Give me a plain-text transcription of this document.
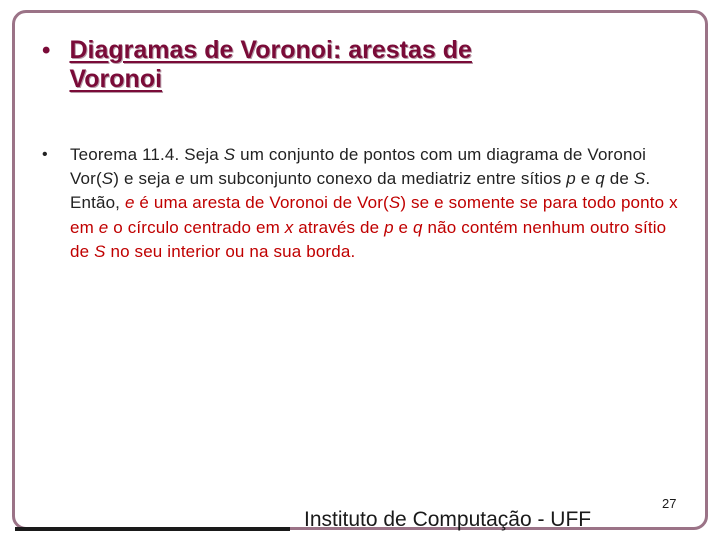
• Diagramas de Voronoi: arestas de Voronoi
•	Teorema 11.4. Seja S um conjunto de pontos com um diagrama de Voronoi Vor(S) e seja e um subconjunto conexo da mediatriz entre sítios p e q de S. Então, e é uma aresta de Voronoi de Vor(S) se e somente se para todo ponto x em e o círculo centrado em x através de p e q não contém nenhum outro sítio de S no seu interior ou na sua borda.
Instituto de Computação - UFF
27
